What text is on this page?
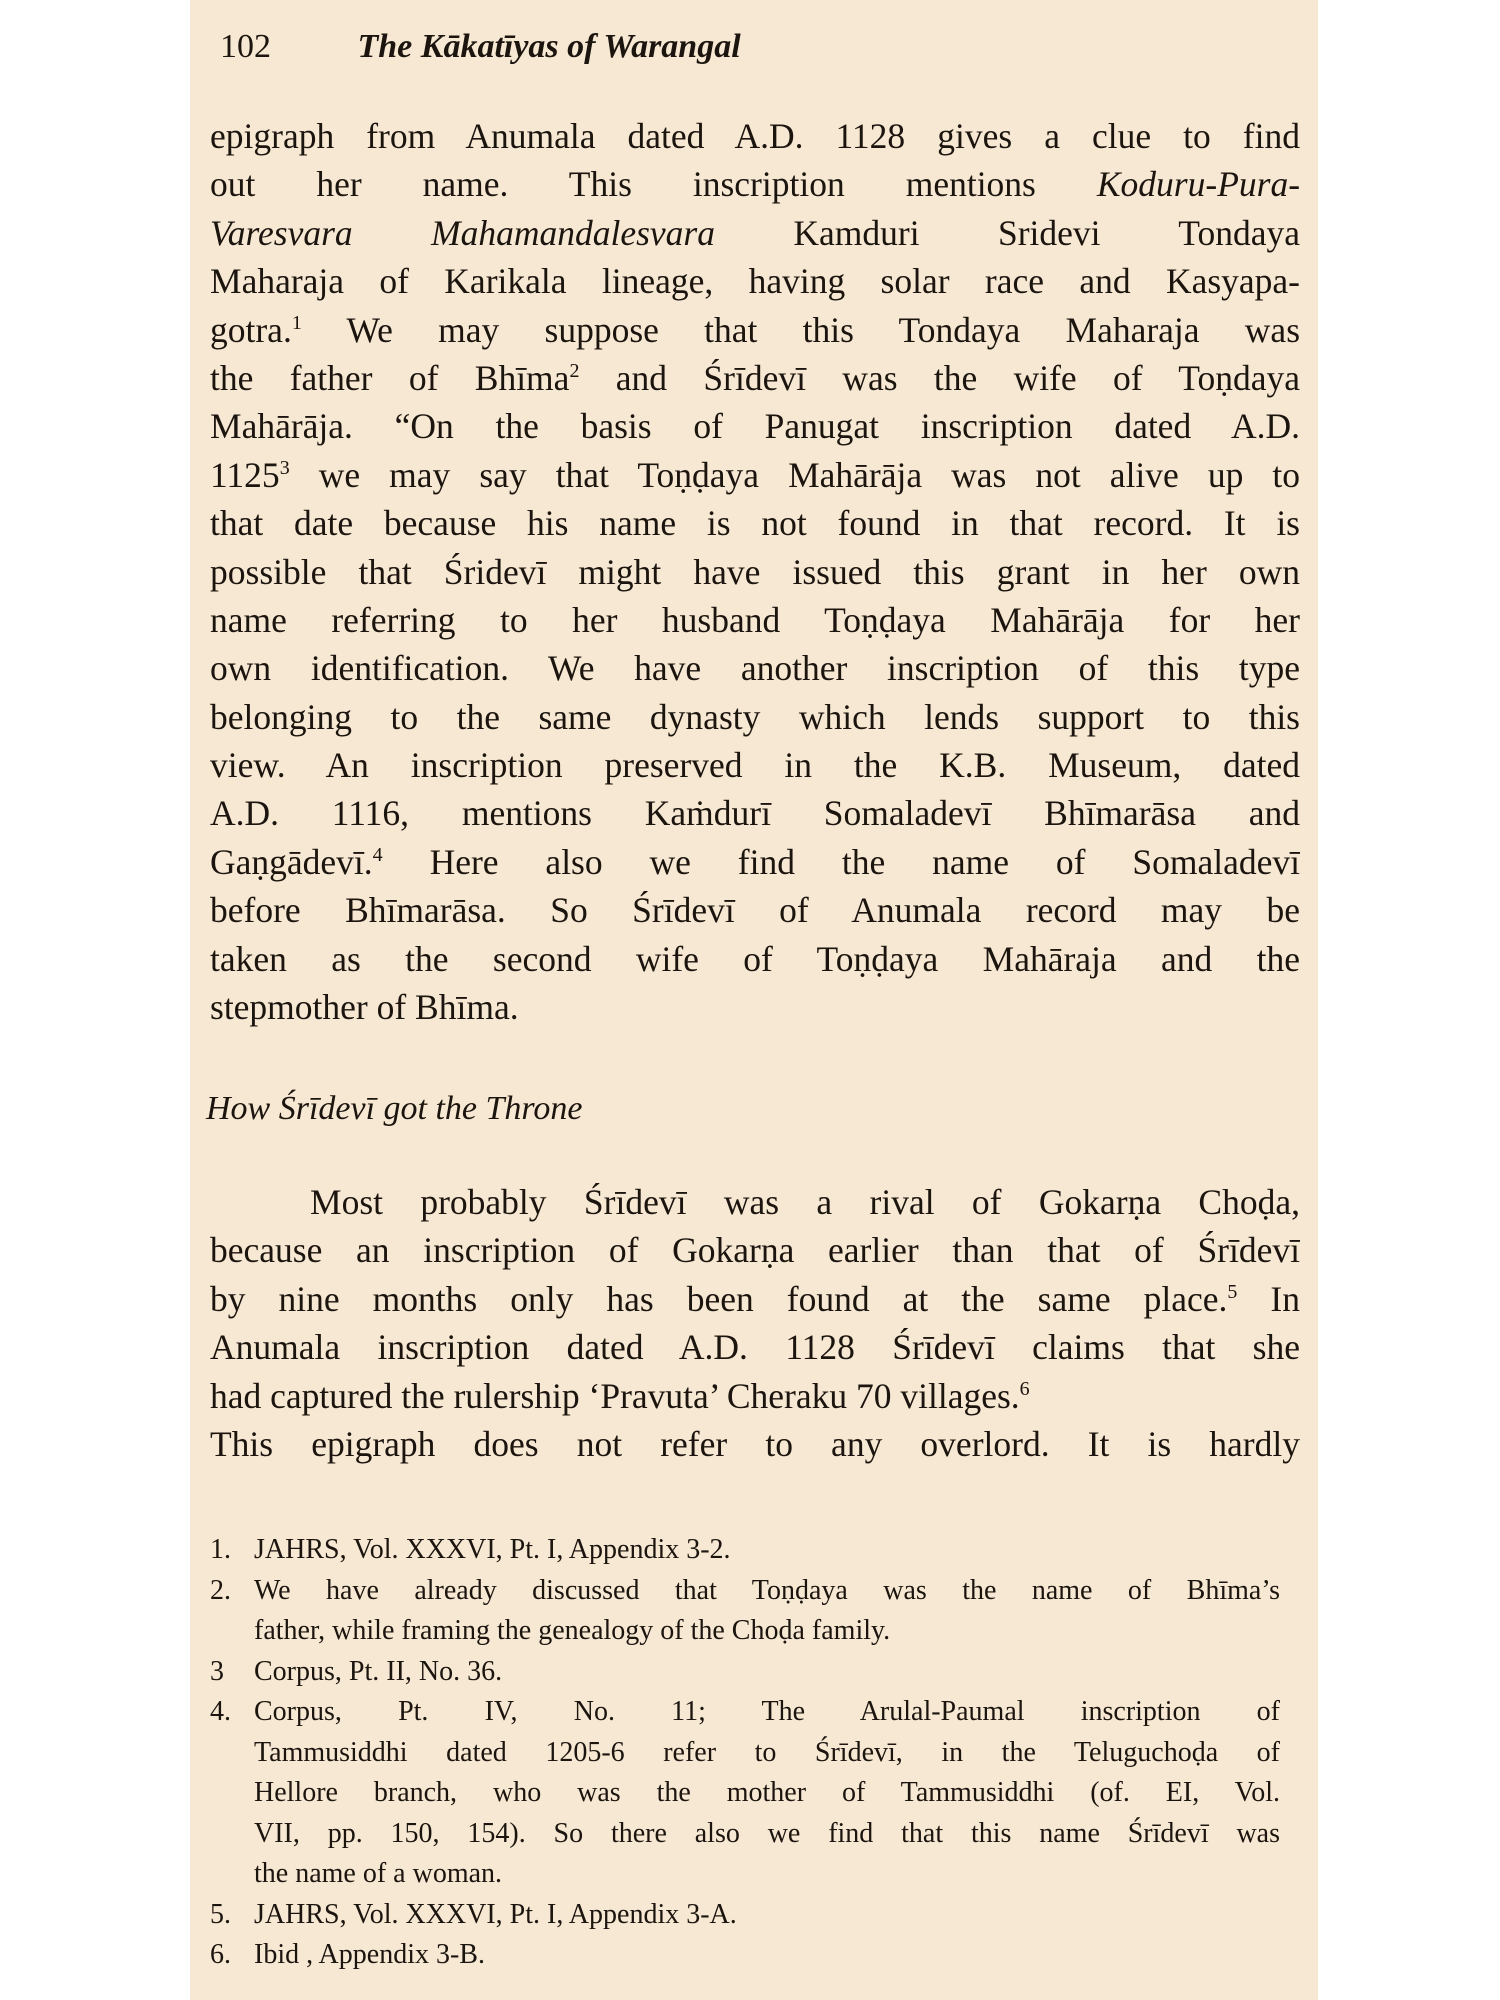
102	The Kākatīyas of Warangal
epigraph from Anumala dated A.D. 1128 gives a clue to find
out her name. This inscription mentions Koduru-Pura-
Varesvara Mahamandalesvara Kamduri Sridevi Tondaya
Maharaja of Karikala lineage, having solar race and Kasyapa-
gotra.$^1$ We may suppose that this Tondaya Maharaja was
the father of Bhīma$^2$ and Śrīdevī was the wife of Toṇdaya
Mahārāja. “On the basis of Panugat inscription dated A.D.
1125$^3$ we may say that Toṇḍaya Mahārāja was not alive up to
that date because his name is not found in that record. It is
possible that Śridevī might have issued this grant in her own
name referring to her husband Toṇḍaya Mahārāja for her
own identification. We have another inscription of this type
belonging to the same dynasty which lends support to this
view. An inscription preserved in the K.B. Museum, dated
A.D. 1116, mentions Kaṁdurī Somaladevī Bhīmarāsa and
Gaṇgādevī.$^4$ Here also we find the name of Somaladevī
before Bhīmarāsa. So Śrīdevī of Anumala record may be
taken as the second wife of Toṇḍaya Mahāraja and the
stepmother of Bhīma.
How Śrīdevī got the Throne
Most probably Śrīdevī was a rival of Gokarṇa Choḍa,
because an inscription of Gokarṇa earlier than that of Śrīdevī
by nine months only has been found at the same place.$^5$ In
Anumala inscription dated A.D. 1128 Śrīdevī claims that she
had captured the rulership ‘Pravuta’ Cheraku 70 villages.$^6$
This epigraph does not refer to any overlord. It is hardly
1. JAHRS, Vol. XXXVI, Pt. I, Appendix 3-2.
2. We have already discussed that Toṇḍaya was the name of Bhīma’s
father, while framing the genealogy of the Choḍa family.
3 Corpus, Pt. II, No. 36.
4. Corpus, Pt. IV, No. 11; The Arulal-Paumal inscription of
Tammusiddhi dated 1205-6 refer to Śrīdevī, in the Teluguchoḍa of
Hellore branch, who was the mother of Tammusiddhi (of. EI, Vol.
VII, pp. 150, 154). So there also we find that this name Śrīdevī was
the name of a woman.
5. JAHRS, Vol. XXXVI, Pt. I, Appendix 3-A.
6. Ibid , Appendix 3-B.
